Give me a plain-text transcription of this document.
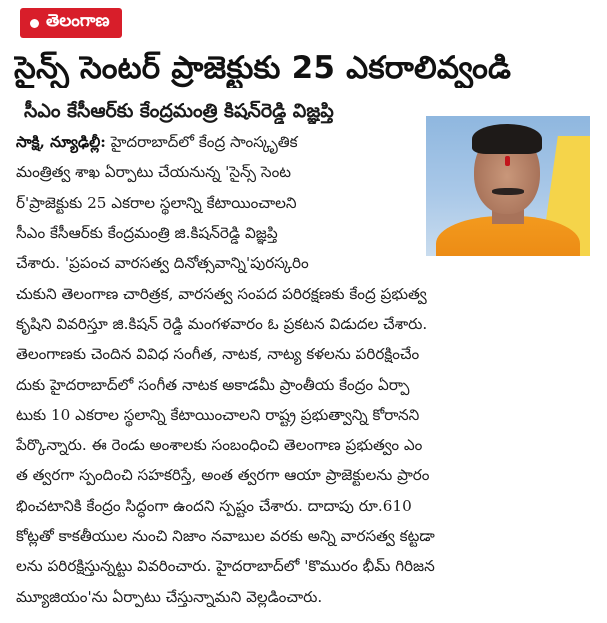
తెలంగాణ
సైన్స్ సెంటర్ ప్రాజెక్టుకు 25 ఎకరాలివ్వండి
సీఎం కేసీఆర్‌కు కేంద్రమంత్రి కిషన్‌రెడ్డి విజ్ఞప్తి
సాక్షి, న్యూఢిల్లీ: హైదరాబాద్‌లో కేంద్ర సాంస్కృతిక
మంత్రిత్వ శాఖ ఏర్పాటు చేయనున్న 'సైన్స్ సెంట
ర్'ప్రాజెక్టుకు 25 ఎకరాల స్థలాన్ని కేటాయించాలని
సీఎం కేసీఆర్‌కు కేంద్రమంత్రి జి.కిషన్‌రెడ్డి విజ్ఞప్తి
చేశారు. 'ప్రపంచ వారసత్వ దినోత్సవాన్ని'పురస్కరిం
చుకుని తెలంగాణ చారిత్రక, వారసత్వ సంపద పరిరక్షణకు కేంద్ర ప్రభుత్వ
కృషిని వివరిస్తూ జి.కిషన్ రెడ్డి మంగళవారం ఓ ప్రకటన విడుదల చేశారు.
తెలంగాణకు చెందిన వివిధ సంగీత, నాటక, నాట్య కళలను పరిరక్షించేం
దుకు హైదరాబాద్‌లో సంగీత నాటక అకాడమీ ప్రాంతీయ కేంద్రం ఏర్పా
టుకు 10 ఎకరాల స్థలాన్ని కేటాయించాలని రాష్ట్ర ప్రభుత్వాన్ని కోరానని
పేర్కొన్నారు. ఈ రెండు అంశాలకు సంబంధించి తెలంగాణ ప్రభుత్వం ఎం
త త్వరగా స్పందించి సహకరిస్తే, అంత త్వరగా ఆయా ప్రాజెక్టులను ప్రారం
భించటానికి కేంద్రం సిద్ధంగా ఉందని స్పష్టం చేశారు. దాదాపు రూ.610
కోట్లతో కాకతీయుల నుంచి నిజాం నవాబుల వరకు అన్ని వారసత్వ కట్టడా
లను పరిరక్షిస్తున్నట్టు వివరించారు. హైదరాబాద్‌లో 'కొమురం భీమ్ గిరిజన
మ్యూజియం'ను ఏర్పాటు చేస్తున్నామని వెల్లడించారు.
